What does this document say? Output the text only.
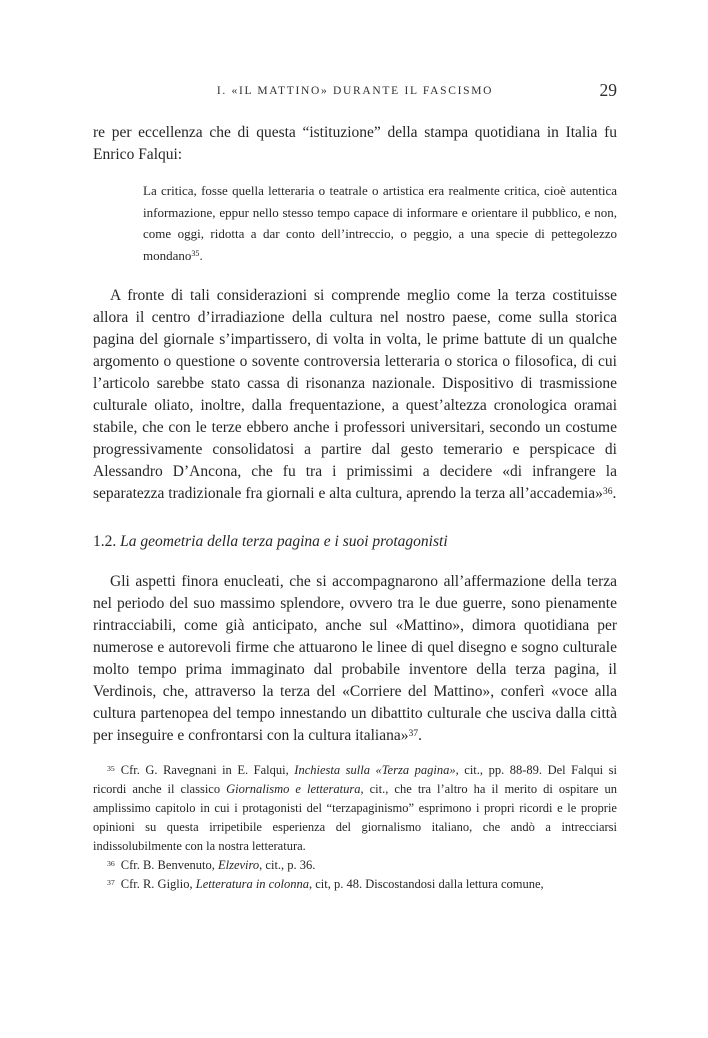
I. «IL MATTINO» DURANTE IL FASCISMO	29

re per eccellenza che di questa “istituzione” della stampa quotidiana in Italia fu Enrico Falqui:

La critica, fosse quella letteraria o teatrale o artistica era realmente critica, cioè autentica informazione, eppur nello stesso tempo capace di informare e orientare il pubblico, e non, come oggi, ridotta a dar conto dell’intreccio, o peggio, a una specie di pettegolezzo mondano$^{35}$.

A fronte di tali considerazioni si comprende meglio come la terza costituisse allora il centro d’irradiazione della cultura nel nostro paese, come sulla storica pagina del giornale s’impartissero, di volta in volta, le prime battute di un qualche argomento o questione o sovente controversia letteraria o storica o filosofica, di cui l’articolo sarebbe stato cassa di risonanza nazionale. Dispositivo di trasmissione culturale oliato, inoltre, dalla frequentazione, a quest’altezza cronologica oramai stabile, che con le terze ebbero anche i professori universitari, secondo un costume progressivamente consolidatosi a partire dal gesto temerario e perspicace di Alessandro D’Ancona, che fu tra i primissimi a decidere «di infrangere la separatezza tradizionale fra giornali e alta cultura, aprendo la terza all’accademia»$^{36}$.

1.2. La geometria della terza pagina e i suoi protagonisti

Gli aspetti finora enucleati, che si accompagnarono all’affermazione della terza nel periodo del suo massimo splendore, ovvero tra le due guerre, sono pienamente rintracciabili, come già anticipato, anche sul «Mattino», dimora quotidiana per numerose e autorevoli firme che attuarono le linee di quel disegno e sogno culturale molto tempo prima immaginato dal probabile inventore della terza pagina, il Verdinois, che, attraverso la terza del «Corriere del Mattino», conferì «voce alla cultura partenopea del tempo innestando un dibattito culturale che usciva dalla città per inseguire e confrontarsi con la cultura italiana»$^{37}$.

$^{35}$ Cfr. G. Ravegnani in E. Falqui, Inchiesta sulla «Terza pagina», cit., pp. 88-89. Del Falqui si ricordi anche il classico Giornalismo e letteratura, cit., che tra l’altro ha il merito di ospitare un amplissimo capitolo in cui i protagonisti del “terzapaginismo” esprimono i propri ricordi e le proprie opinioni su questa irripetibile esperienza del giornalismo italiano, che andò a intrecciarsi indissolubilmente con la nostra letteratura.

$^{36}$ Cfr. B. Benvenuto, Elzeviro, cit., p. 36.

$^{37}$ Cfr. R. Giglio, Letteratura in colonna, cit, p. 48. Discostandosi dalla lettura comune,
